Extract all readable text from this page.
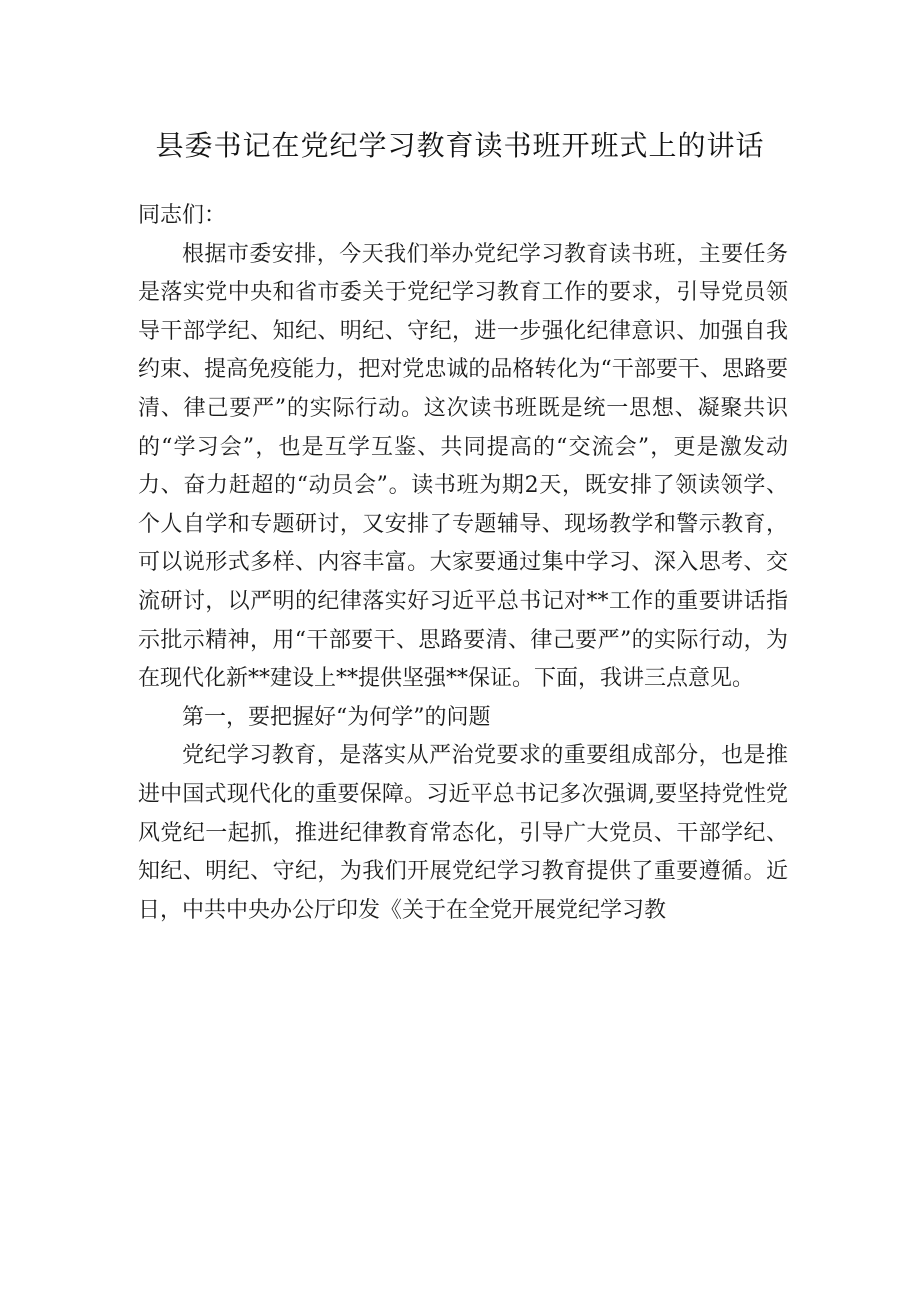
县委书记在党纪学习教育读书班开班式上的讲话

同志们：

根据市委安排，今天我们举办党纪学习教育读书班，主要任务是落实党中央和省市委关于党纪学习教育工作的要求，引导党员领导干部学纪、知纪、明纪、守纪，进一步强化纪律意识、加强自我约束、提高免疫能力，把对党忠诚的品格转化为“干部要干、思路要清、律己要严”的实际行动。这次读书班既是统一思想、凝聚共识的“学习会”，也是互学互鉴、共同提高的“交流会”，更是激发动力、奋力赶超的“动员会”。读书班为期2天，既安排了领读领学、个人自学和专题研讨，又安排了专题辅导、现场教学和警示教育，可以说形式多样、内容丰富。大家要通过集中学习、深入思考、交流研讨，以严明的纪律落实好习近平总书记对**工作的重要讲话指示批示精神，用“干部要干、思路要清、律己要严”的实际行动，为在现代化新**建设上**提供坚强**保证。下面，我讲三点意见。

第一，要把握好“为何学”的问题

党纪学习教育，是落实从严治党要求的重要组成部分，也是推进中国式现代化的重要保障。习近平总书记多次强调,要坚持党性党风党纪一起抓，推进纪律教育常态化，引导广大党员、干部学纪、知纪、明纪、守纪，为我们开展党纪学习教育提供了重要遵循。近日，中共中央办公厅印发《关于在全党开展党纪学习教
